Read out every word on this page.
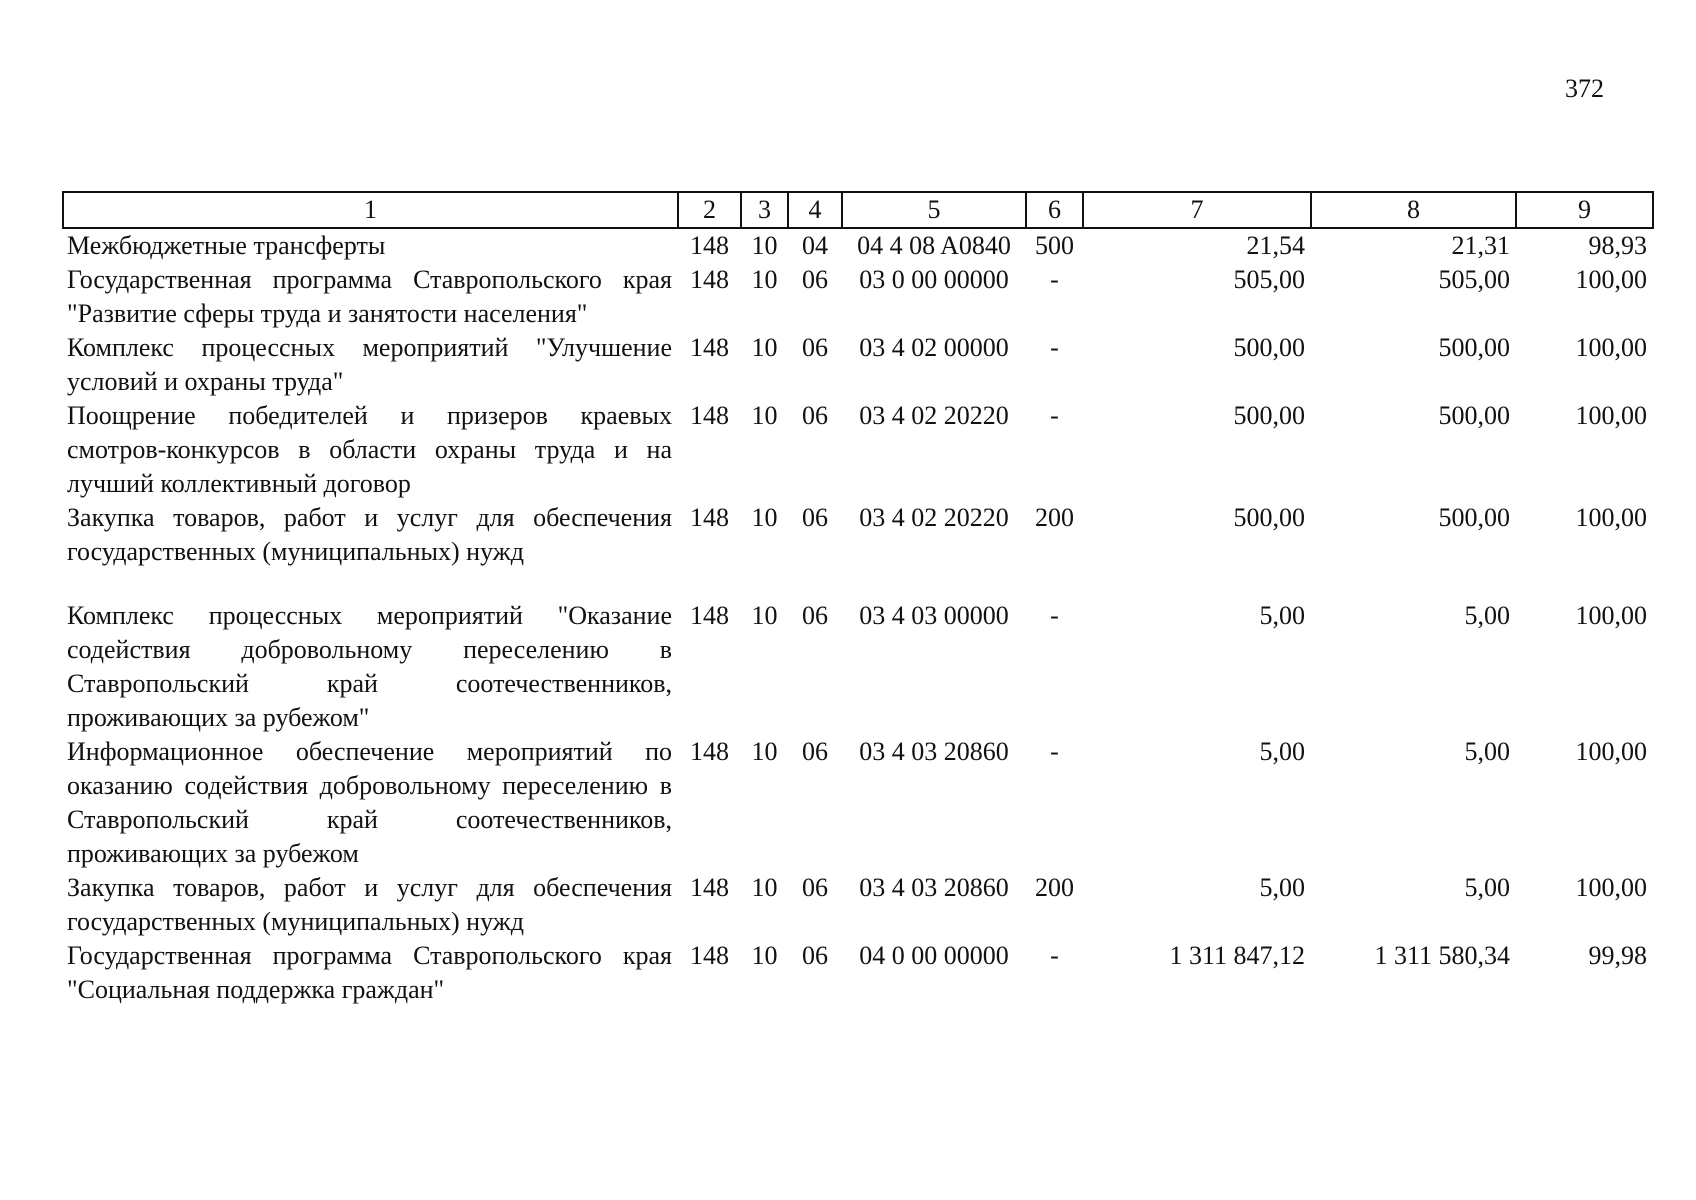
372
1	2	3	4	5	6	7	8	9
Межбюджетные трансферты	148	10	04	04 4 08 A0840	500	21,54	21,31	98,93
Государственная программа Ставропольского края "Развитие сферы труда и занятости населения"	148	10	06	03 0 00 00000	-	505,00	505,00	100,00
Комплекс процессных мероприятий "Улучшение условий и охраны труда"	148	10	06	03 4 02 00000	-	500,00	500,00	100,00
Поощрение победителей и призеров краевых смотров-конкурсов в области охраны труда и на лучший коллективный договор	148	10	06	03 4 02 20220	-	500,00	500,00	100,00
Закупка товаров, работ и услуг для обеспечения государственных (муниципальных) нужд	148	10	06	03 4 02 20220	200	500,00	500,00	100,00
Комплекс процессных мероприятий "Оказание содействия добровольному переселению в Ставропольский край соотечественников, проживающих за рубежом"	148	10	06	03 4 03 00000	-	5,00	5,00	100,00
Информационное обеспечение мероприятий по оказанию содействия добровольному переселению в Ставропольский край соотечественников, проживающих за рубежом	148	10	06	03 4 03 20860	-	5,00	5,00	100,00
Закупка товаров, работ и услуг для обеспечения государственных (муниципальных) нужд	148	10	06	03 4 03 20860	200	5,00	5,00	100,00
Государственная программа Ставропольского края "Социальная поддержка граждан"	148	10	06	04 0 00 00000	-	1 311 847,12	1 311 580,34	99,98
